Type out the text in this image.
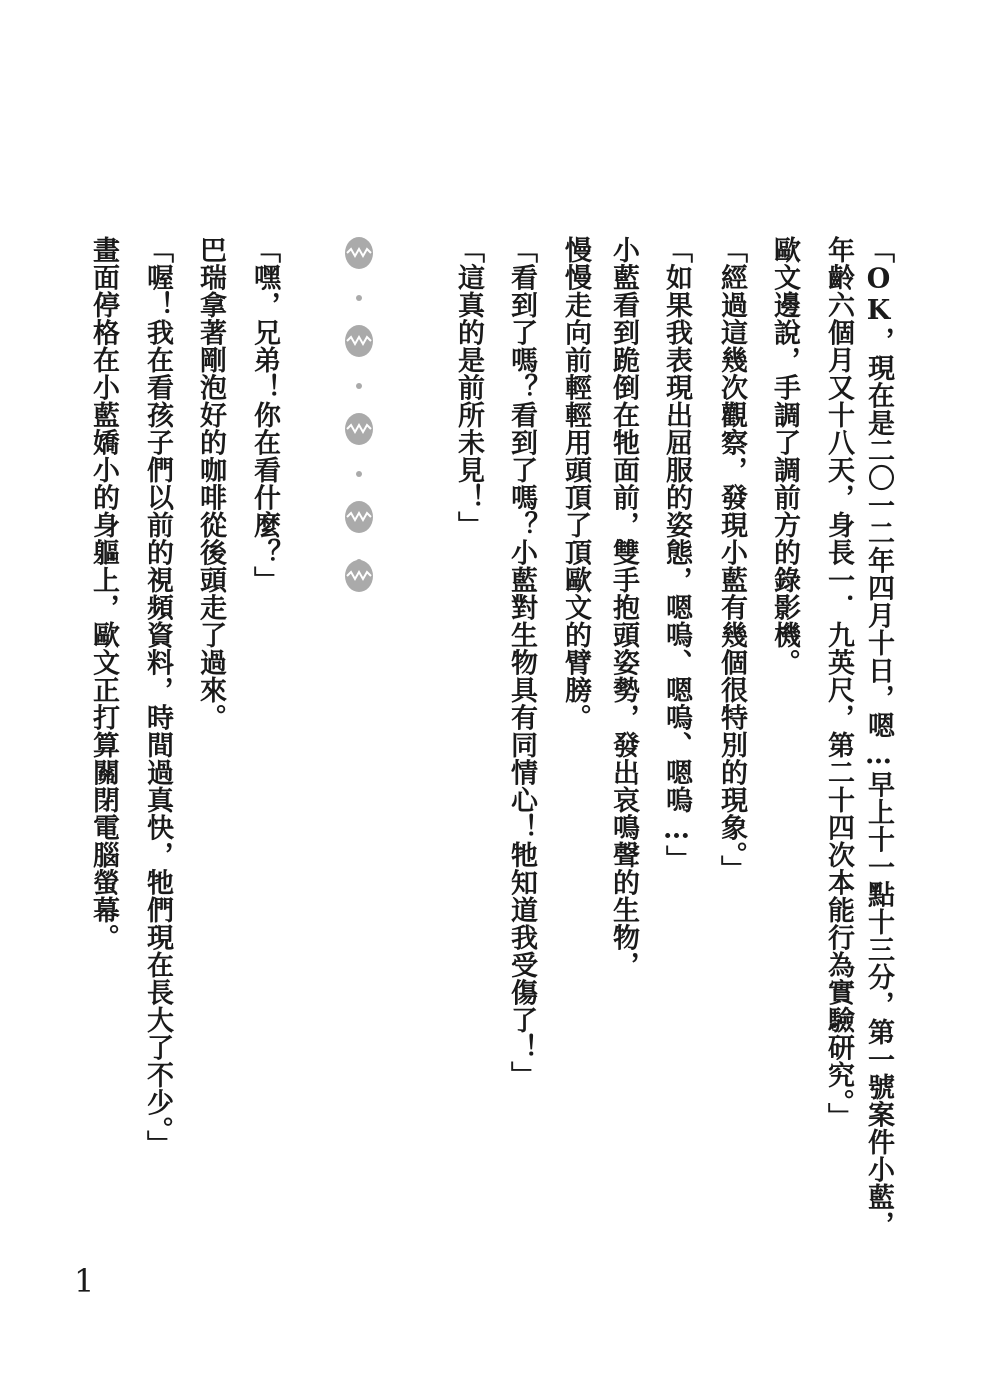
「OK，現在是二〇一二年四月十日，嗯…早上十一點十三分，第一號案件小藍，
年齡六個月又十八天，身長一．九英尺，第二十四次本能行為實驗研究。」
歐文邊說，手調了調前方的錄影機。
「經過這幾次觀察，發現小藍有幾個很特別的現象。」
「如果我表現出屈服的姿態，嗯嗚、嗯嗚、嗯嗚…」
小藍看到跪倒在牠面前，雙手抱頭姿勢，發出哀鳴聲的生物，
慢慢走向前輕輕用頭頂了頂歐文的臂膀。
「看到了嗎？看到了嗎？小藍對生物具有同情心！牠知道我受傷了！」
「這真的是前所未見！」
「嘿，兄弟！你在看什麼？」
巴瑞拿著剛泡好的咖啡從後頭走了過來。
「喔！我在看孩子們以前的視頻資料，時間過真快，牠們現在長大了不少。」
畫面停格在小藍嬌小的身軀上，歐文正打算關閉電腦螢幕。
1
